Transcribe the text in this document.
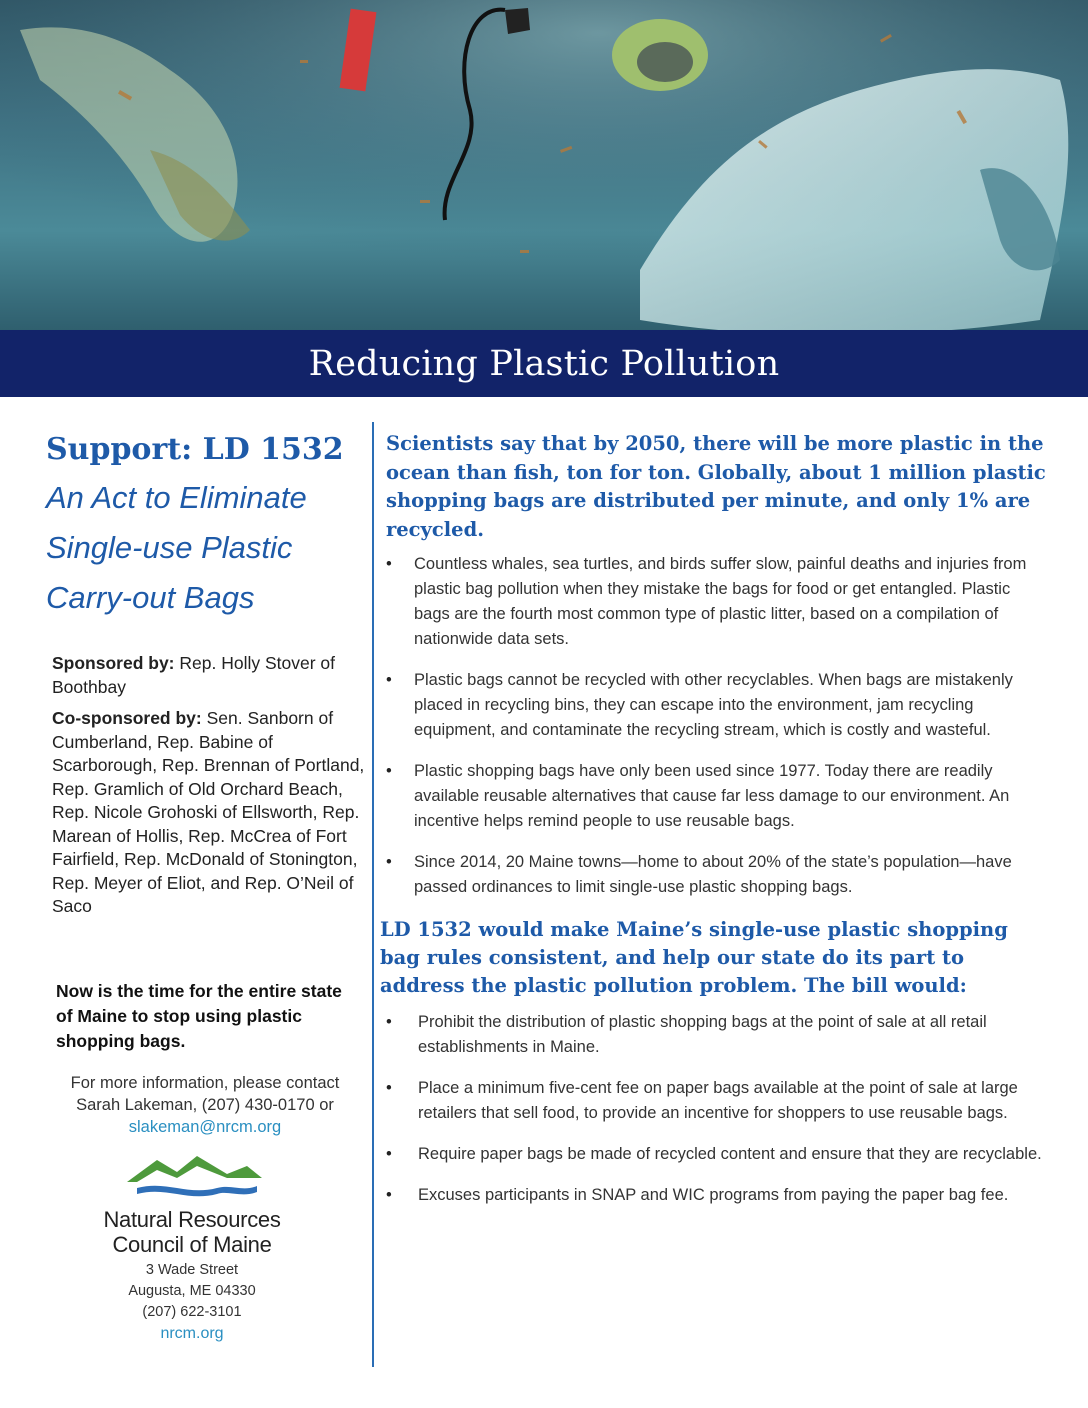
Reducing Plastic Pollution
Support: LD 1532

An Act to Eliminate
Single-use Plastic
Carry-out Bags

Sponsored by: Rep. Holly Stover of Boothbay

Co-sponsored by: Sen. Sanborn of Cumberland, Rep. Babine of Scarborough, Rep. Brennan of Portland, Rep. Gramlich of Old Orchard Beach, Rep. Nicole Grohoski of Ellsworth, Rep. Marean of Hollis, Rep. McCrea of Fort Fairfield, Rep. McDonald of Stonington, Rep. Meyer of Eliot, and Rep. O’Neil of Saco

Now is the time for the entire state of Maine to stop using plastic shopping bags.
For more information, please contact
Sarah Lakeman, (207) 430-0170 or
slakeman@nrcm.org
Natural Resources
Council of Maine
3 Wade Street
Augusta, ME 04330
(207) 622-3101
nrcm.org

Scientists say that by 2050, there will be more plastic in the ocean than fish, ton for ton. Globally, about 1 million plastic shopping bags are distributed per minute, and only 1% are recycled.

• Countless whales, sea turtles, and birds suffer slow, painful deaths and injuries from plastic bag pollution when they mistake the bags for food or get entangled. Plastic bags are the fourth most common type of plastic litter, based on a compilation of nationwide data sets.
• Plastic bags cannot be recycled with other recyclables. When bags are mistakenly placed in recycling bins, they can escape into the environment, jam recycling equipment, and contaminate the recycling stream, which is costly and wasteful.
• Plastic shopping bags have only been used since 1977. Today there are readily available reusable alternatives that cause far less damage to our environment. An incentive helps remind people to use reusable bags.
• Since 2014, 20 Maine towns—home to about 20% of the state’s population—have passed ordinances to limit single-use plastic shopping bags.

LD 1532 would make Maine’s single-use plastic shopping bag rules consistent, and help our state do its part to address the plastic pollution problem. The bill would:

• Prohibit the distribution of plastic shopping bags at the point of sale at all retail establishments in Maine.
• Place a minimum five-cent fee on paper bags available at the point of sale at large retailers that sell food, to provide an incentive for shoppers to use reusable bags.
• Require paper bags be made of recycled content and ensure that they are recyclable.
• Excuses participants in SNAP and WIC programs from paying the paper bag fee.
